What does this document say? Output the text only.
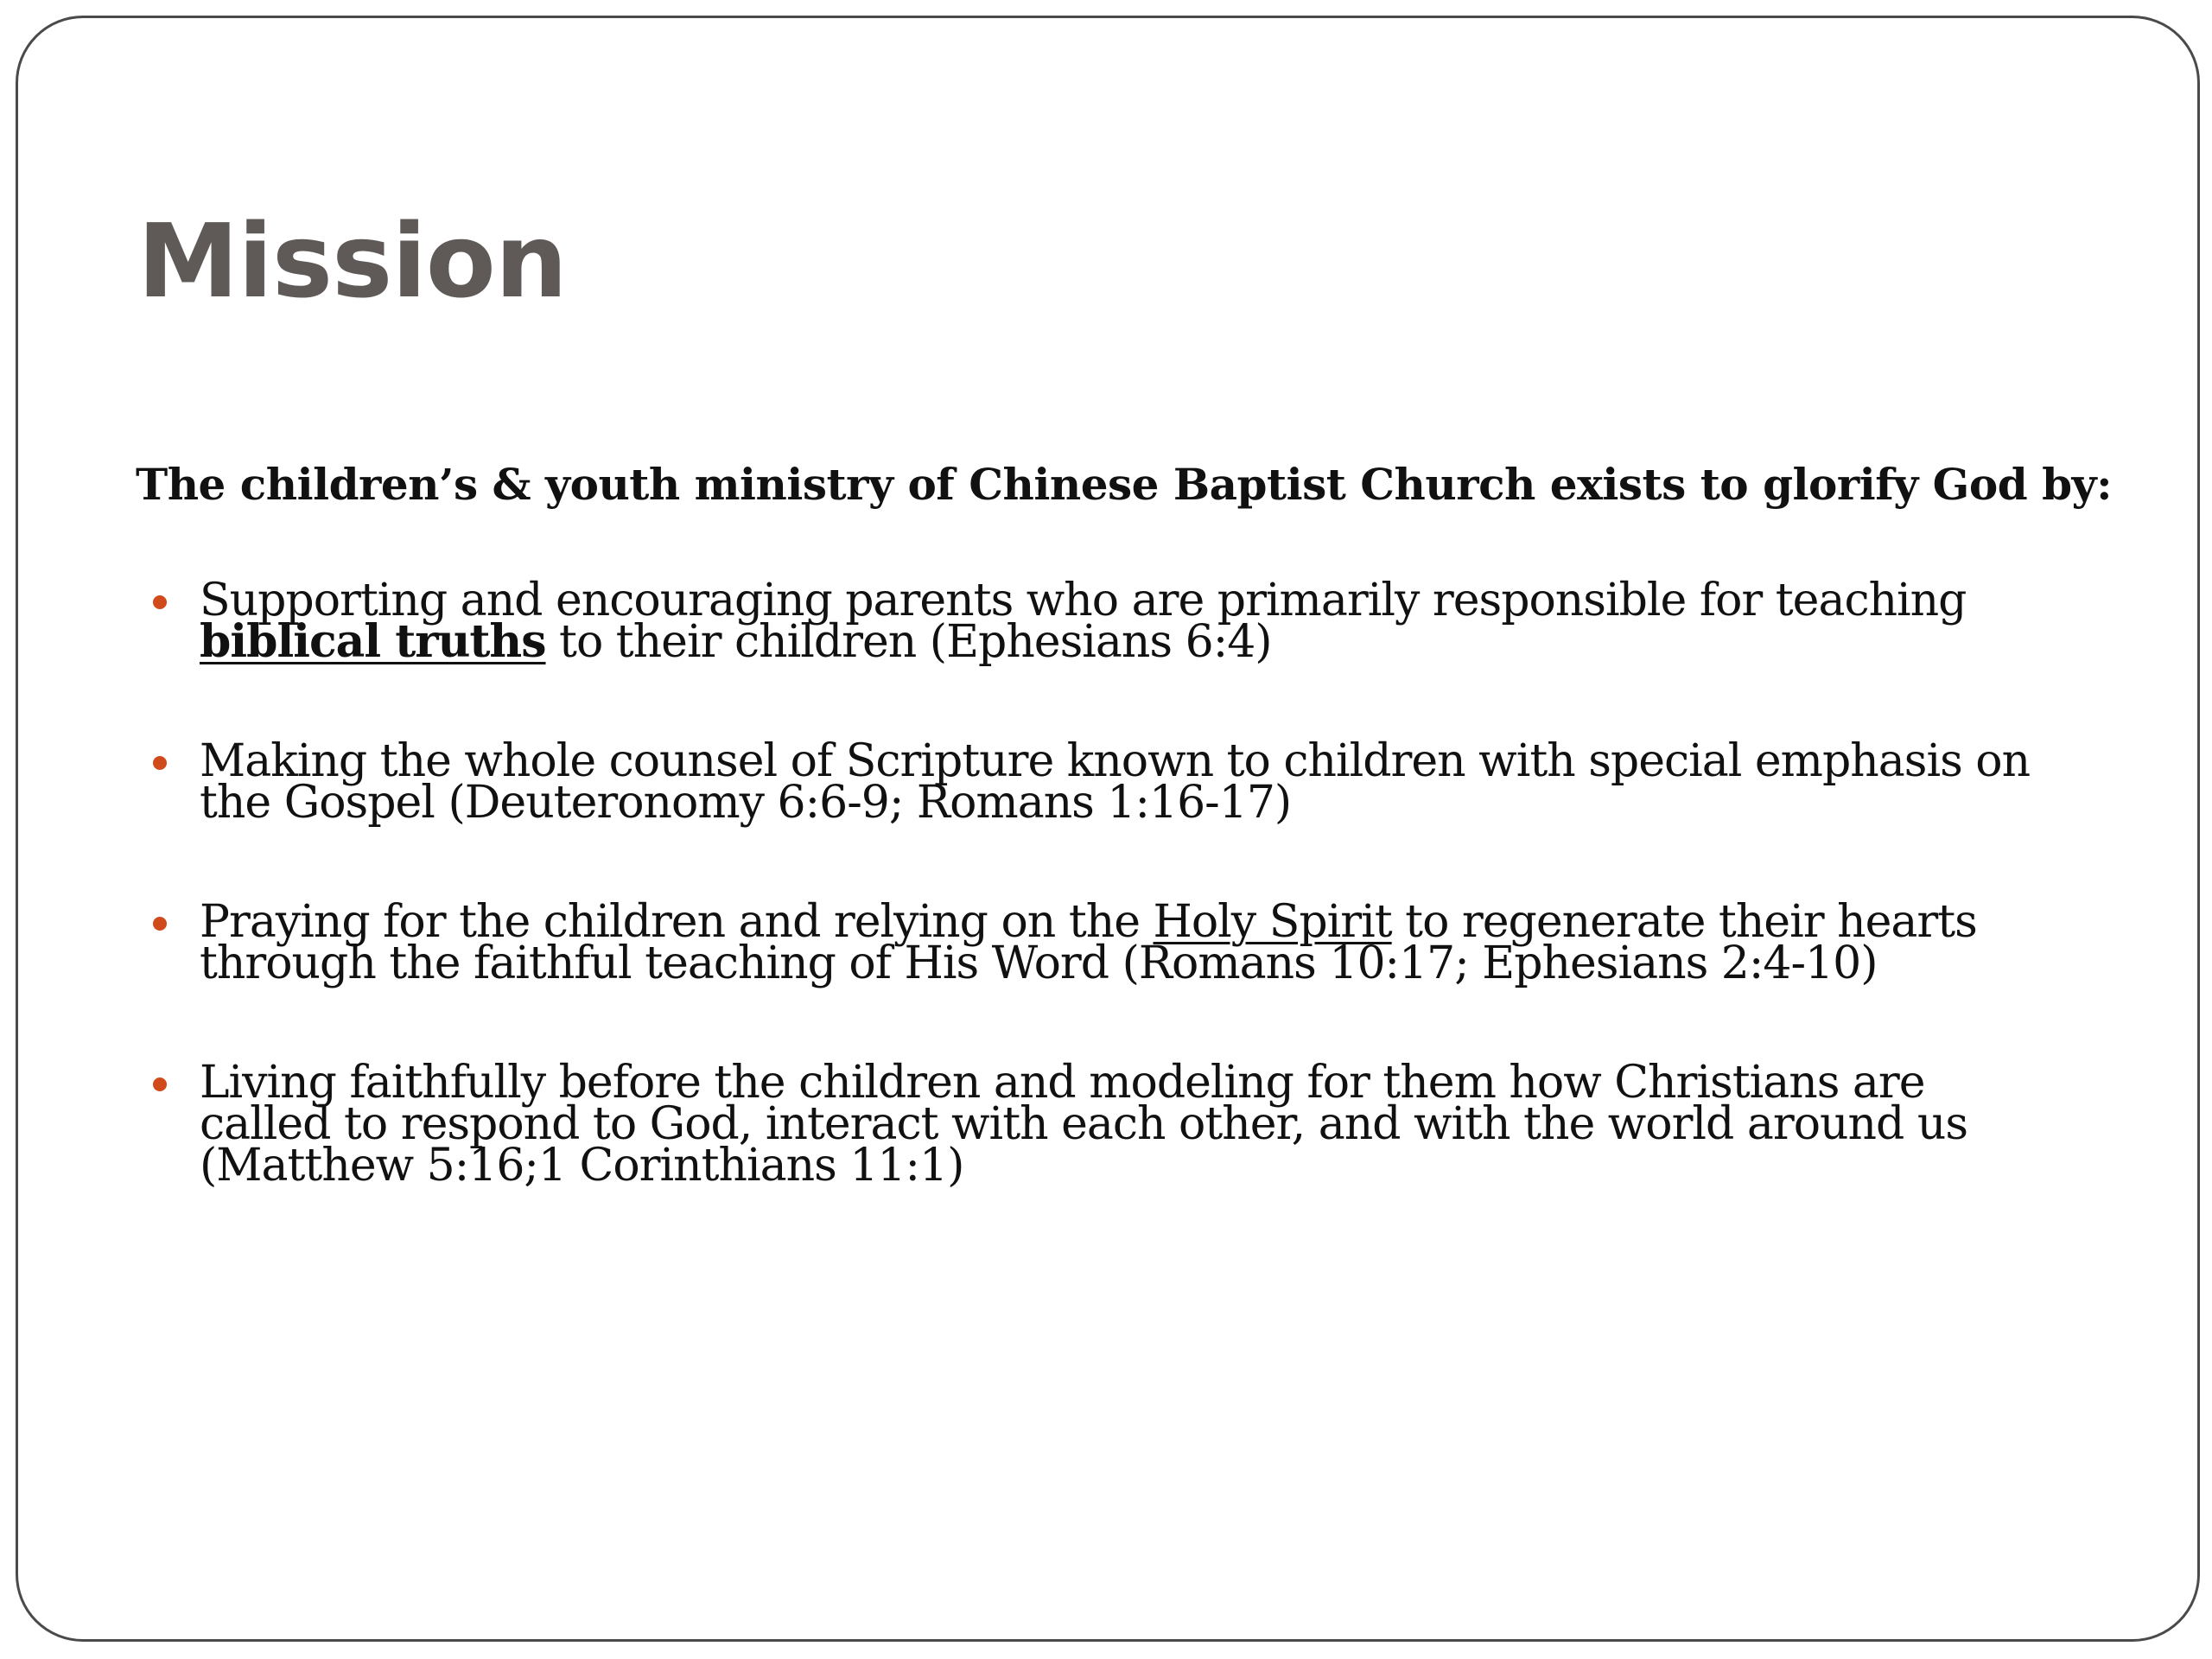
Mission

The children’s & youth ministry of Chinese Baptist Church exists to glorify God by:

Supporting and encouraging parents who are primarily responsible for teaching
biblical truths to their children (Ephesians 6:4)
Making the whole counsel of Scripture known to children with special emphasis on
the Gospel (Deuteronomy 6:6-9; Romans 1:16-17)
Praying for the children and relying on the Holy Spirit to regenerate their hearts
through the faithful teaching of His Word (Romans 10:17; Ephesians 2:4-10)
Living faithfully before the children and modeling for them how Christians are
called to respond to God, interact with each other, and with the world around us
(Matthew 5:16;1 Corinthians 11:1)
